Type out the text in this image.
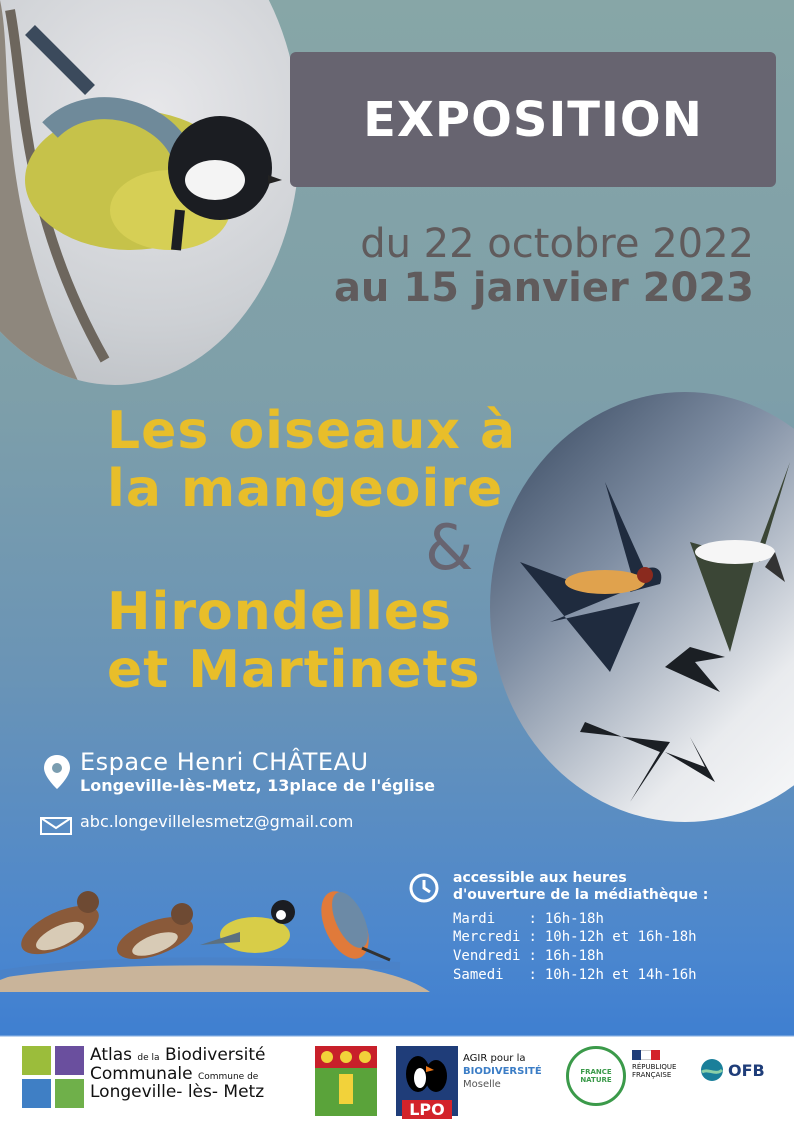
EXPOSITION
du 22 octobre 2022
au 15 janvier 2023
Les oiseaux à
la mangeoire
&
Hirondelles
et Martinets
Espace Henri CHÂTEAU
Longeville-lès-Metz, 13place de l'église
abc.longevillelesmetz@gmail.com
accessible aux heures
d'ouverture de la médiathèque :
Mardi	:	16h-18h
Mercredi	:	10h-12h et 16h-18h
Vendredi	:	16h-18h
Samedi	:	10h-12h et 14h-16h
Atlas de la Biodiversité
Communale Commune de
Longeville- lès- Metz
LPO
AGIR pour la
BIODIVERSITÉ
Moselle
FRANCE NATURE
RÉPUBLIQUE FRANÇAISE	OFB
